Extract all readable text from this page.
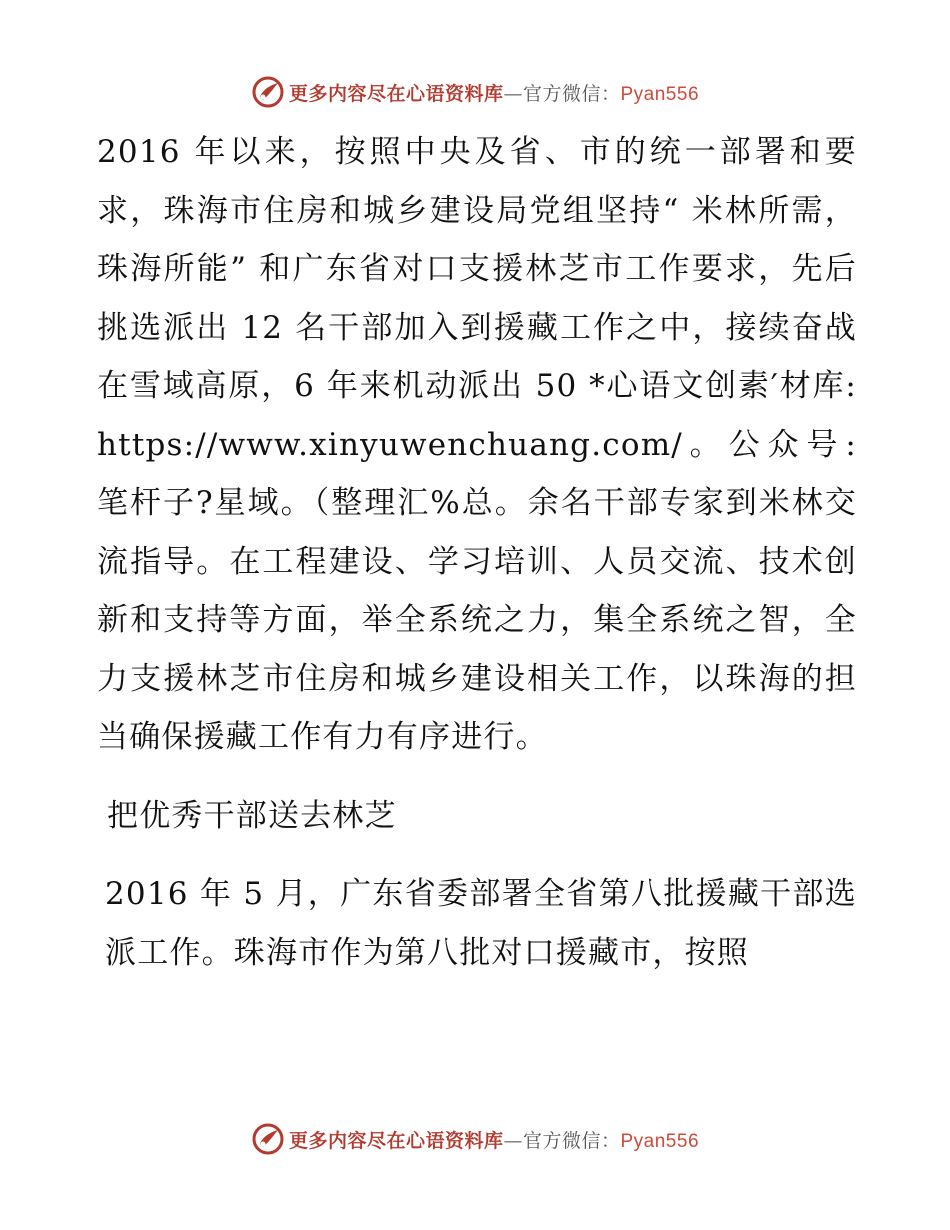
更多内容尽在心语资料库—官方微信：Pyan556

2016 年以来，按照中央及省、市的统一部署和要求，珠海市住房和城乡建设局党组坚持“ 米林所需，珠海所能” 和广东省对口支援林芝市工作要求，先后挑选派出 12 名干部加入到援藏工作之中，接续奋战在雪域高原，6 年来机动派出 50 *心语文创素′材库: https://www.xinyuwenchuang.com/。公众号: 笔杆子?星域。（整理汇%总。余名干部专家到米林交流指导。在工程建设、学习培训、人员交流、技术创新和支持等方面，举全系统之力，集全系统之智，全力支援林芝市住房和城乡建设相关工作，以珠海的担当确保援藏工作有力有序进行。

把优秀干部送去林芝

2016 年 5 月，广东省委部署全省第八批援藏干部选派工作。珠海市作为第八批对口援藏市，按照

更多内容尽在心语资料库—官方微信：Pyan556
